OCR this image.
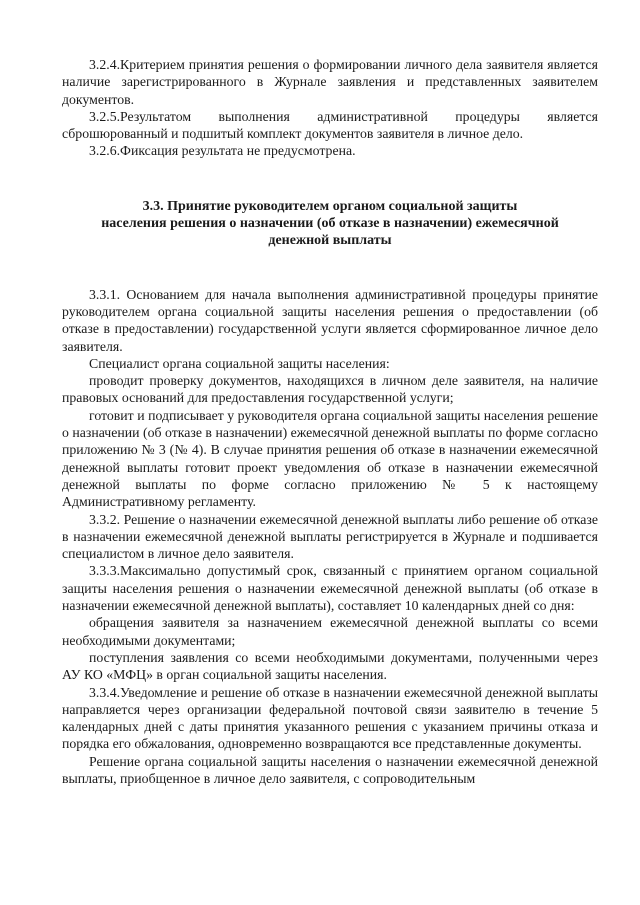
3.2.4.Критерием принятия решения о формировании личного дела заявителя является наличие зарегистрированного в Журнале заявления и представленных заявителем документов.

3.2.5.Результатом выполнения административной процедуры является сброшюрованный и подшитый комплект документов заявителя в личное дело.

3.2.6.Фиксация результата не предусмотрена.

3.3. Принятие руководителем органом социальной защиты
населения решения о назначении (об отказе в назначении) ежемесячной
денежной выплаты

3.3.1. Основанием для начала выполнения административной процедуры принятие руководителем органа социальной защиты населения решения о предоставлении (об отказе в предоставлении) государственной услуги является сформированное личное дело заявителя.

Специалист органа социальной защиты населения:

проводит проверку документов, находящихся в личном деле заявителя, на наличие правовых оснований для предоставления государственной услуги;

готовит и подписывает у руководителя органа социальной защиты населения решение о назначении (об отказе в назначении) ежемесячной денежной выплаты по форме согласно приложению № 3 (№ 4). В случае принятия решения об отказе в назначении ежемесячной денежной выплаты готовит проект уведомления об отказе в назначении ежемесячной денежной выплаты по форме согласно приложению № 5 к настоящему Административному регламенту.

3.3.2. Решение о назначении ежемесячной денежной выплаты либо решение об отказе в назначении ежемесячной денежной выплаты регистрируется в Журнале и подшивается специалистом в личное дело заявителя.

3.3.3.Максимально допустимый срок, связанный с принятием органом социальной защиты населения решения о назначении ежемесячной денежной выплаты (об отказе в назначении ежемесячной денежной выплаты), составляет 10 календарных дней со дня:

обращения заявителя за назначением ежемесячной денежной выплаты со всеми необходимыми документами;

поступления заявления со всеми необходимыми документами, полученными через АУ КО «МФЦ» в орган социальной защиты населения.

3.3.4.Уведомление и решение об отказе в назначении ежемесячной денежной выплаты направляется через организации федеральной почтовой связи заявителю в течение 5 календарных дней с даты принятия указанного решения с указанием причины отказа и порядка его обжалования, одновременно возвращаются все представленные документы.

Решение органа социальной защиты населения о назначении ежемесячной денежной выплаты, приобщенное в личное дело заявителя, с сопроводительным
